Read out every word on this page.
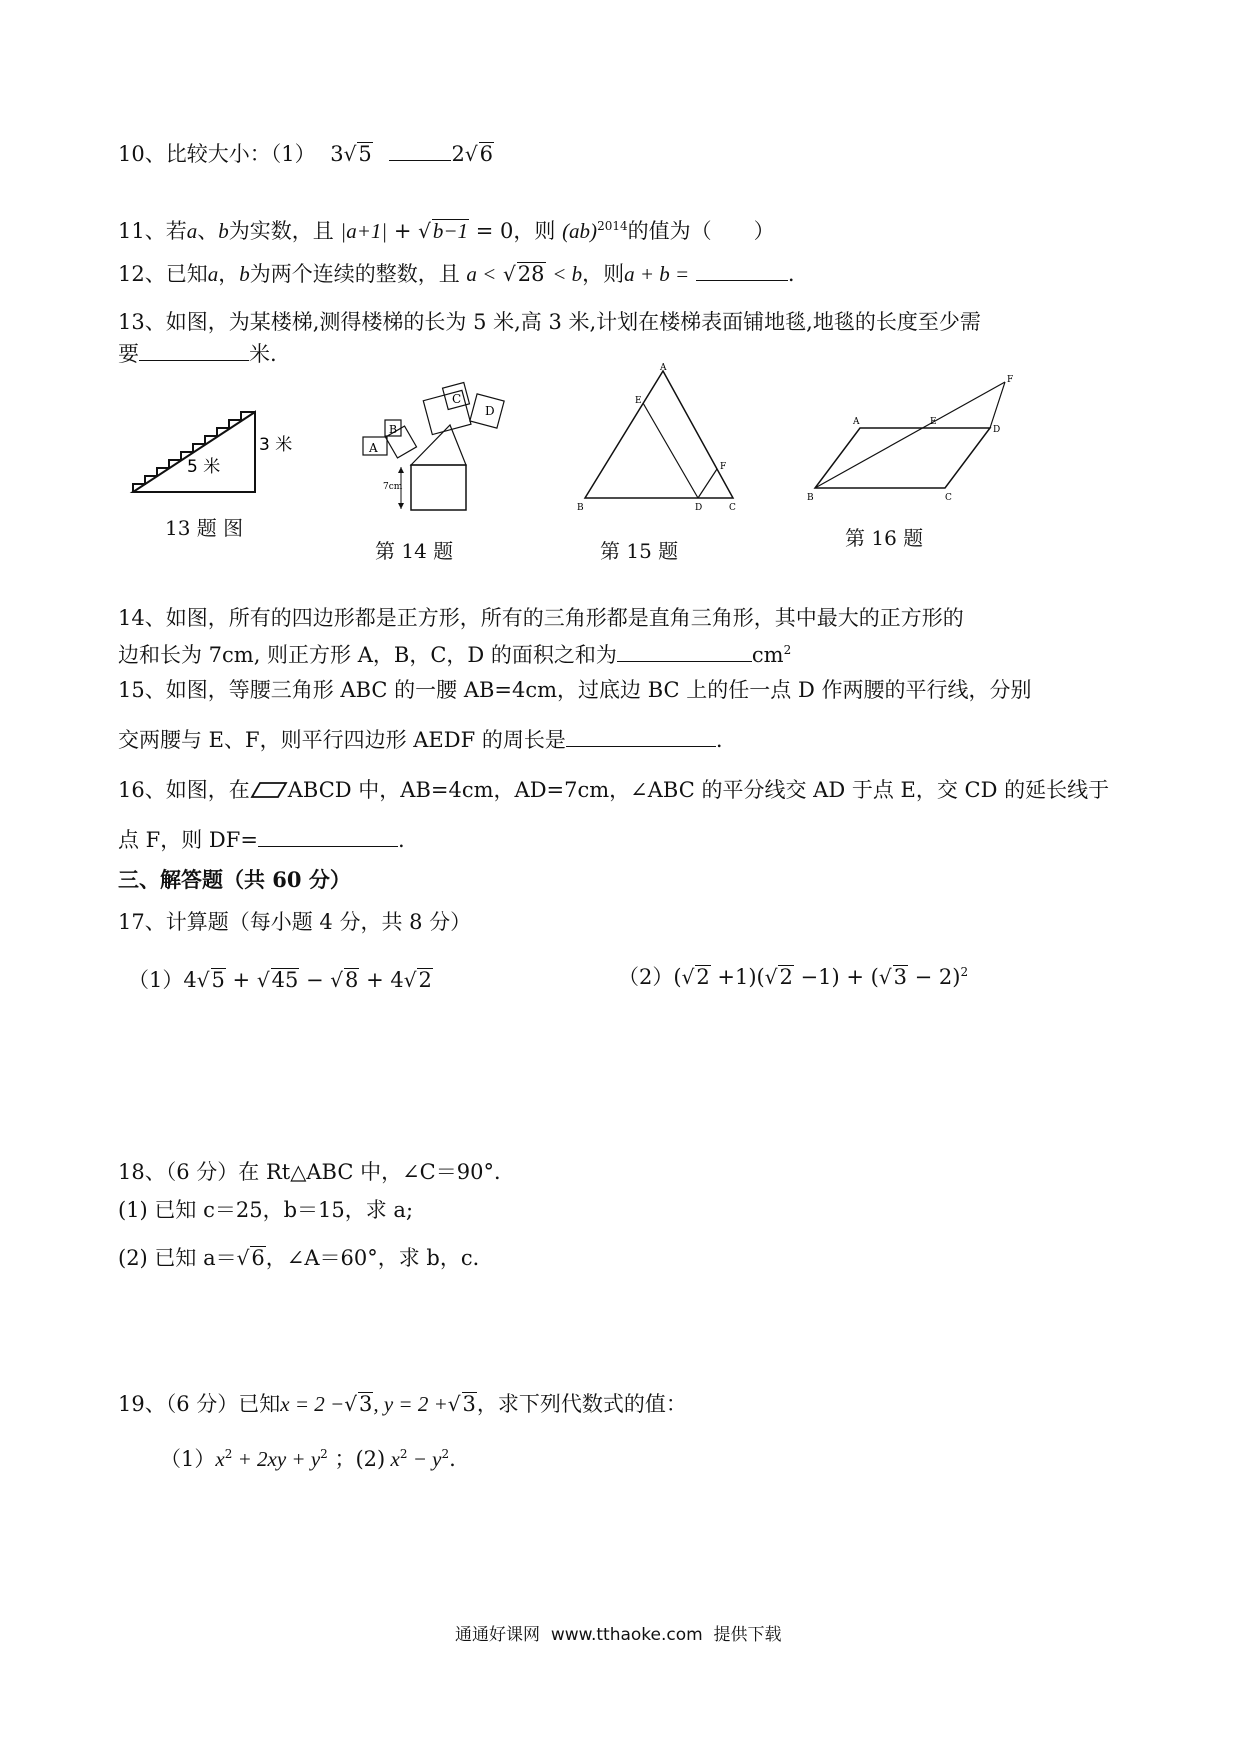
10、比较大小：（1） 3√5	2√6
11、若a、b为实数，且 |a+1| + √b−1 = 0，则 (ab)$^{2014}$的值为（　　）
12、已知a，b为两个连续的整数，且 a < √28 < b，则a + b =	.
13、如图，为某楼梯,测得楼梯的长为 5 米,高 3 米,计划在楼梯表面铺地毯,地毯的长度至少需
要	米.
5 米
3 米
13 题 图
A
B
C
D
7cm
第 14 题
A
E
F
B	D	C
第 15 题
A	E
D
F
B	C
第 16 题
14、如图，所有的四边形都是正方形，所有的三角形都是直角三角形，其中最大的正方形的
边和长为 7cm, 则正方形 A，B，C，D 的面积之和为	$cm^2$
15、如图，等腰三角形 ABC 的一腰 AB=4cm，过底边 BC 上的任一点 D 作两腰的平行线，分别
交两腰与 E、F，则平行四边形 AEDF 的周长是	.
16、如图，在 ABCD 中，AB=4cm，AD=7cm，∠ABC 的平分线交 AD 于点 E，交 CD 的延长线于
点 F，则 DF=	.
三、解答题（共 60 分）
17、计算题（每小题 4 分，共 8 分）
（1）4√5 + √45 − √8 + 4√2	$(2)(√2 +1)(√2 -1) + (√3 - 2)^2$
18、（6 分）在 Rt△ABC 中，∠C＝90°．
(1) 已知 c＝25，b＝15，求 a;
(2) 已知 a＝√6，∠A＝60°，求 b，c．
19、（6 分）已知x = 2 −√3, y = 2 +√3，求下列代数式的值：
$(1)x^2 + 2xy + y^2$ ；(2) $x^2 - y^2$.
通通好课网 www.tthaoke.com 提供下载
